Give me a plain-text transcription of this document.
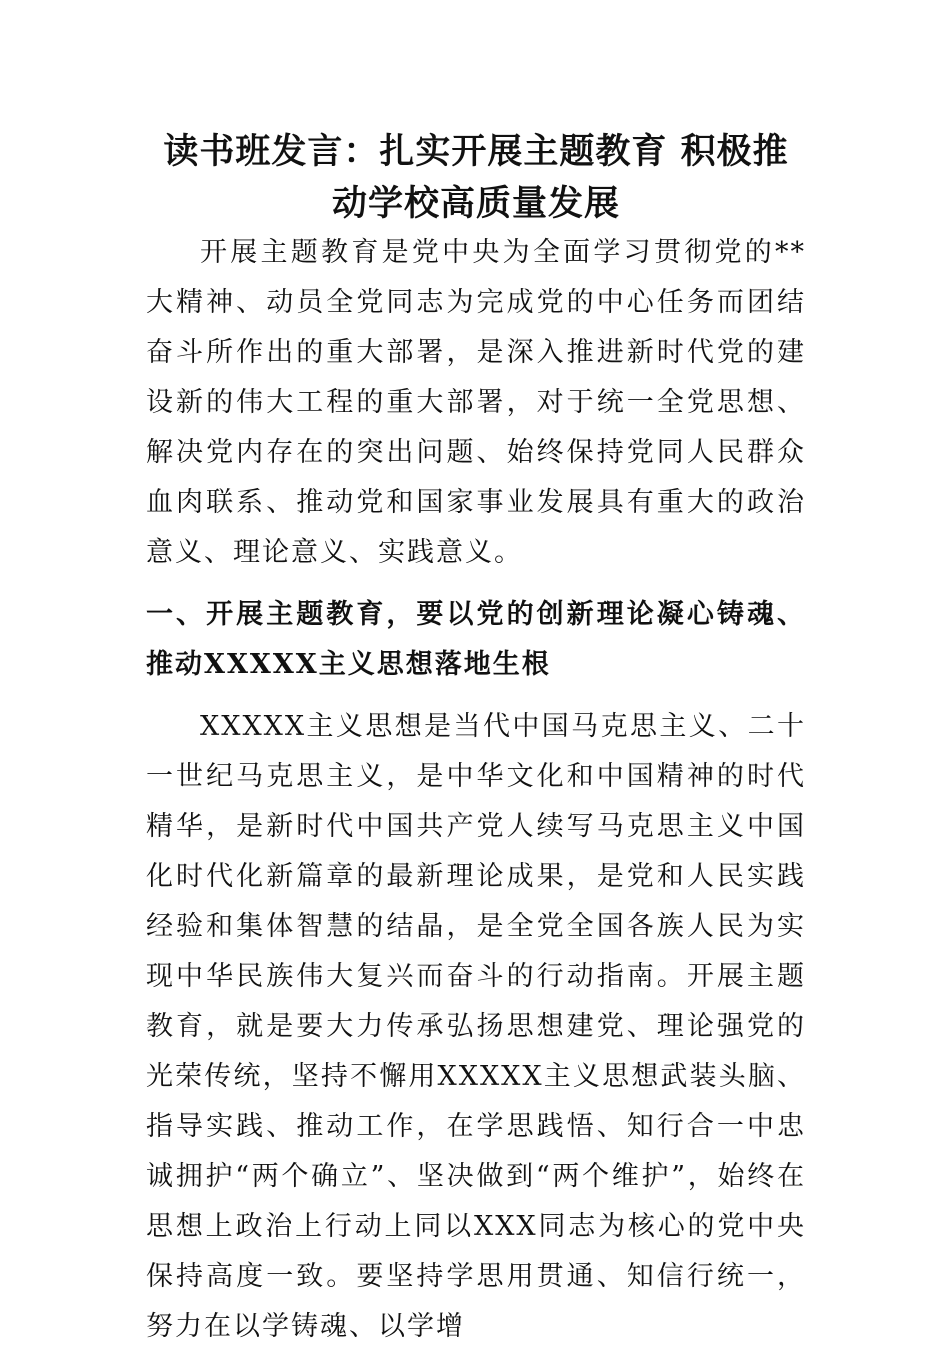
读书班发言：扎实开展主题教育 积极推动学校高质量发展

开展主题教育是党中央为全面学习贯彻党的**大精神、动员全党同志为完成党的中心任务而团结奋斗所作出的重大部署，是深入推进新时代党的建设新的伟大工程的重大部署，对于统一全党思想、解决党内存在的突出问题、始终保持党同人民群众血肉联系、推动党和国家事业发展具有重大的政治意义、理论意义、实践意义。

一、开展主题教育，要以党的创新理论凝心铸魂、推动XXXXX主义思想落地生根

XXXXX主义思想是当代中国马克思主义、二十一世纪马克思主义，是中华文化和中国精神的时代精华，是新时代中国共产党人续写马克思主义中国化时代化新篇章的最新理论成果，是党和人民实践经验和集体智慧的结晶，是全党全国各族人民为实现中华民族伟大复兴而奋斗的行动指南。开展主题教育，就是要大力传承弘扬思想建党、理论强党的光荣传统，坚持不懈用XXXXX主义思想武装头脑、指导实践、推动工作，在学思践悟、知行合一中忠诚拥护“两个确立”、坚决做到“两个维护”，始终在思想上政治上行动上同以XXX同志为核心的党中央保持高度一致。要坚持学思用贯通、知信行统一，努力在以学铸魂、以学增
